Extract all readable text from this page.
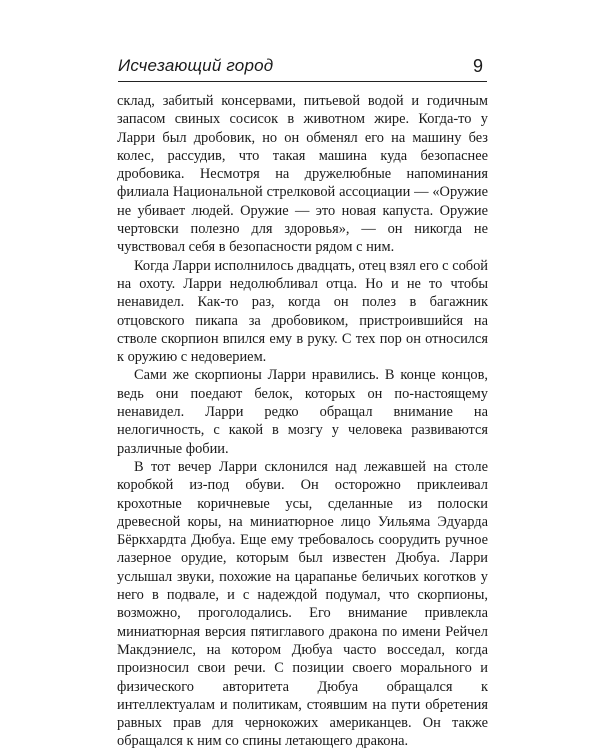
Исчезающий город	9

склад, забитый консервами, питьевой водой и годичным запасом свиных сосисок в животном жире. Когда-то у Ларри был дробовик, но он обменял его на машину без колес, рассудив, что такая машина куда безопаснее дробовика. Несмотря на дружелюбные напоминания филиала Национальной стрелковой ассоциации — «Оружие не убивает людей. Оружие — это новая капуста. Оружие чертовски полезно для здоровья», — он никогда не чувствовал себя в безопасности рядом с ним.

Когда Ларри исполнилось двадцать, отец взял его с собой на охоту. Ларри недолюбливал отца. Но и не то чтобы ненавидел. Как-то раз, когда он полез в багажник отцовского пикапа за дробовиком, пристроившийся на стволе скорпион впился ему в руку. С тех пор он относился к оружию с недоверием.

Сами же скорпионы Ларри нравились. В конце концов, ведь они поедают белок, которых он по-настоящему ненавидел. Ларри редко обращал внимание на нелогичность, с какой в мозгу у человека развиваются различные фобии.

В тот вечер Ларри склонился над лежавшей на столе коробкой из-под обуви. Он осторожно приклеивал крохотные коричневые усы, сделанные из полоски древесной коры, на миниатюрное лицо Уильяма Эдуарда Бёркхардта Дюбуа. Еще ему требовалось соорудить ручное лазерное орудие, которым был известен Дюбуа. Ларри услышал звуки, похожие на царапанье беличьих коготков у него в подвале, и с надеждой подумал, что скорпионы, возможно, проголодались. Его внимание привлекла миниатюрная версия пятиглавого дракона по имени Рейчел Макдэниелс, на котором Дюбуа часто восседал, когда произносил свои речи. С позиции своего морального и физического авторитета Дюбуа обращался к интеллектуалам и политикам, стоявшим на пути обретения равных прав для чернокожих американцев. Он также обращался к ним со спины летающего дракона.
